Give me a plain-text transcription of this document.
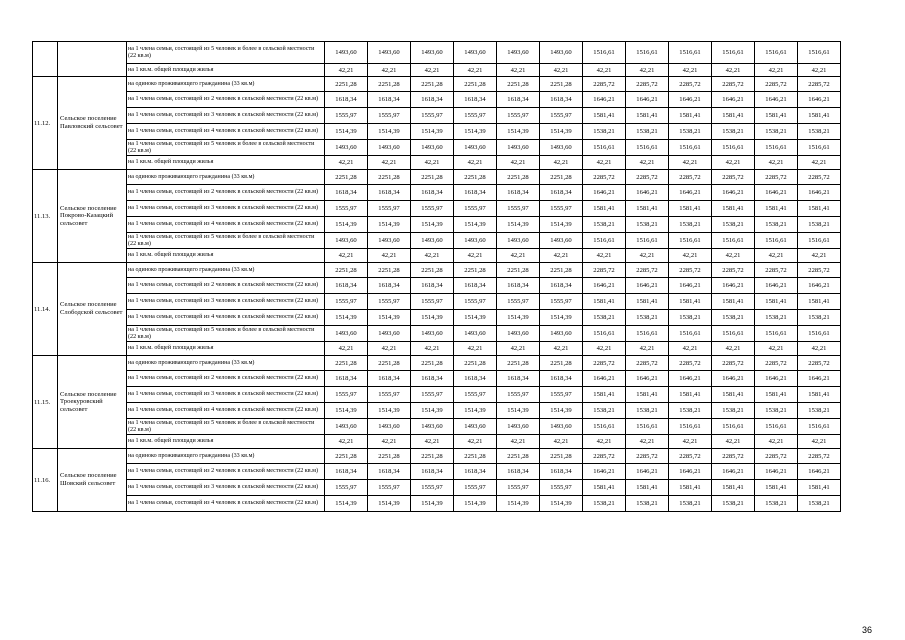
		на 1 члена семьи, состоящей из 5 человек и более в сельской местности (22 кв.м)	1493,60	1493,60	1493,60	1493,60	1493,60	1493,60	1516,61	1516,61	1516,61	1516,61	1516,61	1516,61
		на 1 кв.м. общей площади жилья	42,21	42,21	42,21	42,21	42,21	42,21	42,21	42,21	42,21	42,21	42,21	42,21
11.12.	Сельское поселение Павловский сельсовет	на одиноко проживающего гражданина (33 кв.м)	2251,28	2251,28	2251,28	2251,28	2251,28	2251,28	2285,72	2285,72	2285,72	2285,72	2285,72	2285,72
		на 1 члена семьи, состоящей из 2 человек в сельской местности (22 кв.м)	1618,34	1618,34	1618,34	1618,34	1618,34	1618,34	1646,21	1646,21	1646,21	1646,21	1646,21	1646,21
		на 1 члена семьи, состоящей из 3 человек в сельской местности (22 кв.м)	1555,97	1555,97	1555,97	1555,97	1555,97	1555,97	1581,41	1581,41	1581,41	1581,41	1581,41	1581,41
		на 1 члена семьи, состоящей из 4 человек в сельской местности (22 кв.м)	1514,39	1514,39	1514,39	1514,39	1514,39	1514,39	1538,21	1538,21	1538,21	1538,21	1538,21	1538,21
		на 1 члена семьи, состоящей из 5 человек и более в сельской местности (22 кв.м)	1493,60	1493,60	1493,60	1493,60	1493,60	1493,60	1516,61	1516,61	1516,61	1516,61	1516,61	1516,61
		на 1 кв.м. общей площади жилья	42,21	42,21	42,21	42,21	42,21	42,21	42,21	42,21	42,21	42,21	42,21	42,21
11.13.	Сельское поселение Покрово-Казацкий сельсовет	на одиноко проживающего гражданина (33 кв.м)	2251,28	2251,28	2251,28	2251,28	2251,28	2251,28	2285,72	2285,72	2285,72	2285,72	2285,72	2285,72
		на 1 члена семьи, состоящей из 2 человек в сельской местности (22 кв.м)	1618,34	1618,34	1618,34	1618,34	1618,34	1618,34	1646,21	1646,21	1646,21	1646,21	1646,21	1646,21
		на 1 члена семьи, состоящей из 3 человек в сельской местности (22 кв.м)	1555,97	1555,97	1555,97	1555,97	1555,97	1555,97	1581,41	1581,41	1581,41	1581,41	1581,41	1581,41
		на 1 члена семьи, состоящей из 4 человек в сельской местности (22 кв.м)	1514,39	1514,39	1514,39	1514,39	1514,39	1514,39	1538,21	1538,21	1538,21	1538,21	1538,21	1538,21
		на 1 члена семьи, состоящей из 5 человек и более в сельской местности (22 кв.м)	1493,60	1493,60	1493,60	1493,60	1493,60	1493,60	1516,61	1516,61	1516,61	1516,61	1516,61	1516,61
		на 1 кв.м. общей площади жилья	42,21	42,21	42,21	42,21	42,21	42,21	42,21	42,21	42,21	42,21	42,21	42,21
11.14.	Сельское поселение Слободской сельсовет	на одиноко проживающего гражданина (33 кв.м)	2251,28	2251,28	2251,28	2251,28	2251,28	2251,28	2285,72	2285,72	2285,72	2285,72	2285,72	2285,72
		на 1 члена семьи, состоящей из 2 человек в сельской местности (22 кв.м)	1618,34	1618,34	1618,34	1618,34	1618,34	1618,34	1646,21	1646,21	1646,21	1646,21	1646,21	1646,21
		на 1 члена семьи, состоящей из 3 человек в сельской местности (22 кв.м)	1555,97	1555,97	1555,97	1555,97	1555,97	1555,97	1581,41	1581,41	1581,41	1581,41	1581,41	1581,41
		на 1 члена семьи, состоящей из 4 человек в сельской местности (22 кв.м)	1514,39	1514,39	1514,39	1514,39	1514,39	1514,39	1538,21	1538,21	1538,21	1538,21	1538,21	1538,21
		на 1 члена семьи, состоящей из 5 человек и более в сельской местности (22 кв.м)	1493,60	1493,60	1493,60	1493,60	1493,60	1493,60	1516,61	1516,61	1516,61	1516,61	1516,61	1516,61
		на 1 кв.м. общей площади жилья	42,21	42,21	42,21	42,21	42,21	42,21	42,21	42,21	42,21	42,21	42,21	42,21
11.15.	Сельское поселение Троекуровский сельсовет	на одиноко проживающего гражданина (33 кв.м)	2251,28	2251,28	2251,28	2251,28	2251,28	2251,28	2285,72	2285,72	2285,72	2285,72	2285,72	2285,72
		на 1 члена семьи, состоящей из 2 человек в сельской местности (22 кв.м)	1618,34	1618,34	1618,34	1618,34	1618,34	1618,34	1646,21	1646,21	1646,21	1646,21	1646,21	1646,21
		на 1 члена семьи, состоящей из 3 человек в сельской местности (22 кв.м)	1555,97	1555,97	1555,97	1555,97	1555,97	1555,97	1581,41	1581,41	1581,41	1581,41	1581,41	1581,41
		на 1 члена семьи, состоящей из 4 человек в сельской местности (22 кв.м)	1514,39	1514,39	1514,39	1514,39	1514,39	1514,39	1538,21	1538,21	1538,21	1538,21	1538,21	1538,21
		на 1 члена семьи, состоящей из 5 человек и более в сельской местности (22 кв.м)	1493,60	1493,60	1493,60	1493,60	1493,60	1493,60	1516,61	1516,61	1516,61	1516,61	1516,61	1516,61
		на 1 кв.м. общей площади жилья	42,21	42,21	42,21	42,21	42,21	42,21	42,21	42,21	42,21	42,21	42,21	42,21
11.16.	Сельское поселение Шовский сельсовет	на одиноко проживающего гражданина (33 кв.м)	2251,28	2251,28	2251,28	2251,28	2251,28	2251,28	2285,72	2285,72	2285,72	2285,72	2285,72	2285,72
		на 1 члена семьи, состоящей из 2 человек в сельской местности (22 кв.м)	1618,34	1618,34	1618,34	1618,34	1618,34	1618,34	1646,21	1646,21	1646,21	1646,21	1646,21	1646,21
		на 1 члена семьи, состоящей из 3 человек в сельской местности (22 кв.м)	1555,97	1555,97	1555,97	1555,97	1555,97	1555,97	1581,41	1581,41	1581,41	1581,41	1581,41	1581,41
		на 1 члена семьи, состоящей из 4 человек в сельской местности (22 кв.м)	1514,39	1514,39	1514,39	1514,39	1514,39	1514,39	1538,21	1538,21	1538,21	1538,21	1538,21	1538,21
36
